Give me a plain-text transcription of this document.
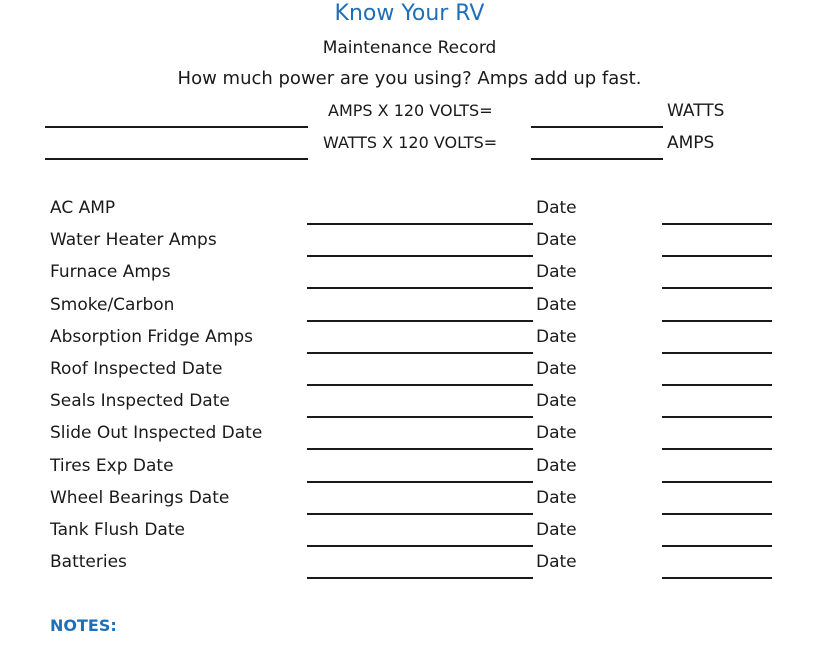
Know Your RV
Maintenance Record
How much power are you using? Amps add up fast.
AMPS X 120 VOLTS=	WATTS
WATTS X 120 VOLTS=	AMPS
AC AMP	Date
Water Heater Amps	Date
Furnace Amps	Date
Smoke/Carbon	Date
Absorption Fridge Amps	Date
Roof Inspected Date	Date
Seals Inspected Date	Date
Slide Out Inspected Date	Date
Tires Exp Date	Date
Wheel Bearings Date	Date
Tank Flush Date	Date
Batteries	Date
NOTES:
